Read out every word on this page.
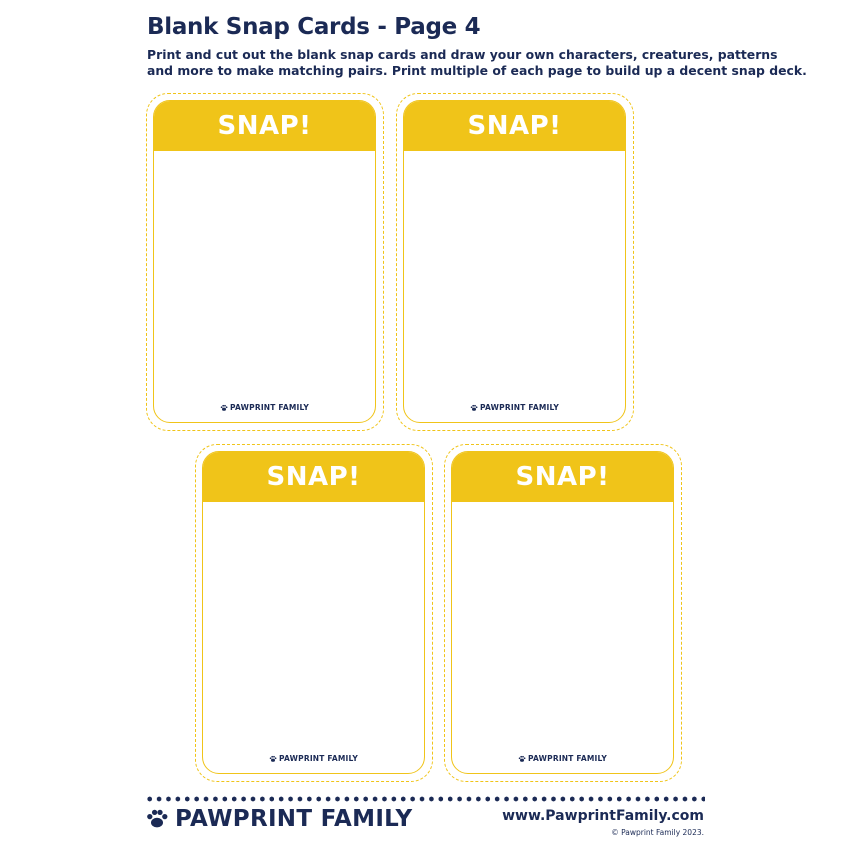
Blank Snap Cards - Page 4
Print and cut out the blank snap cards and draw your own characters, creatures, patterns
and more to make matching pairs. Print multiple of each page to build up a decent snap deck.
SNAP!
PAWPRINT FAMILY
SNAP!
PAWPRINT FAMILY
SNAP!
PAWPRINT FAMILY
SNAP!
PAWPRINT FAMILY
PAWPRINT FAMILY	www.PawprintFamily.com
© Pawprint Family 2023.
